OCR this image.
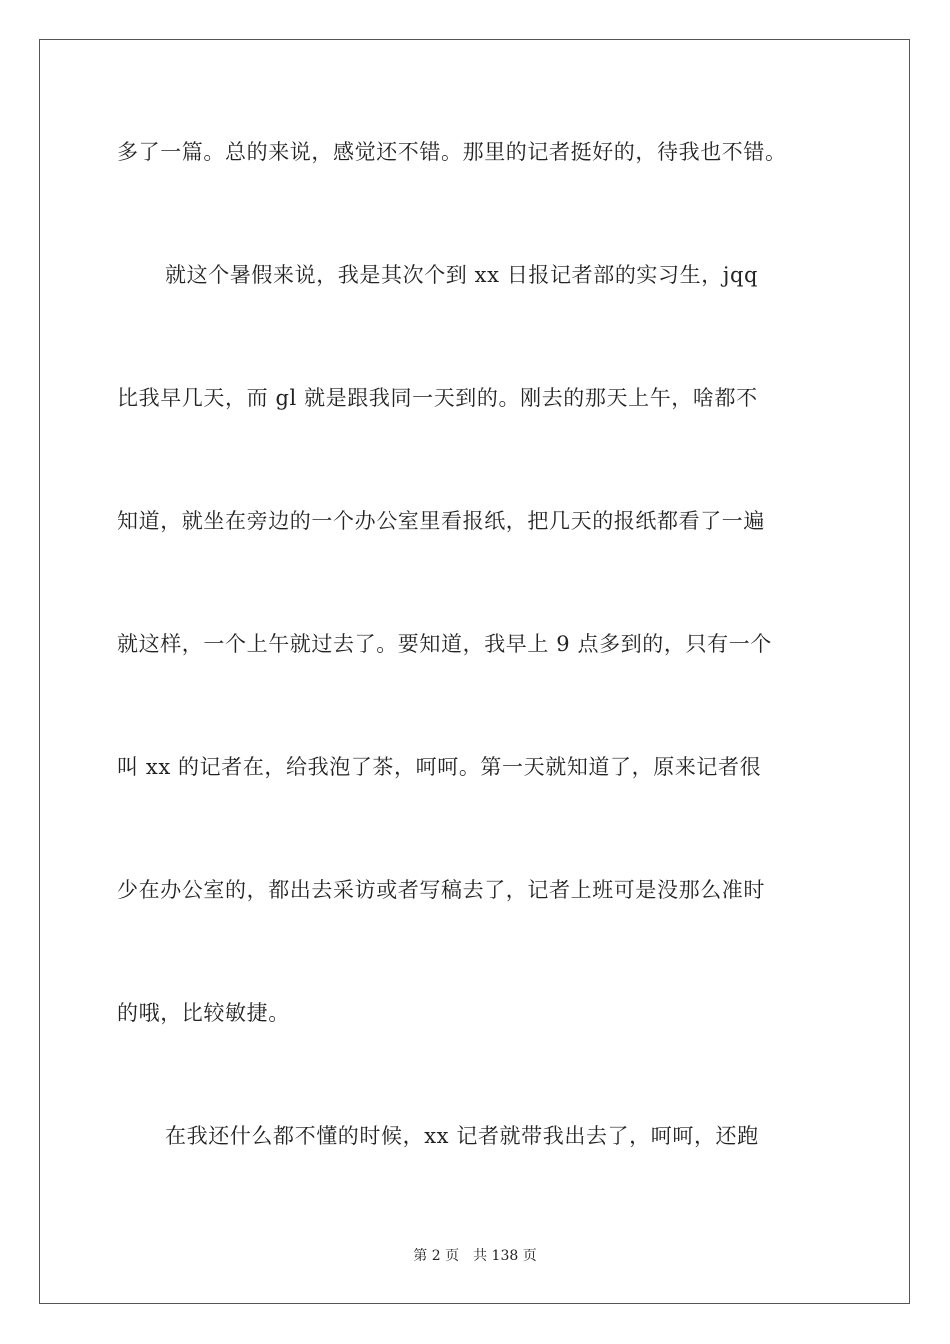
多了一篇。总的来说，感觉还不错。那里的记者挺好的，待我也不错。
就这个暑假来说，我是其次个到 xx 日报记者部的实习生，jqq
比我早几天，而 gl 就是跟我同一天到的。刚去的那天上午，啥都不
知道，就坐在旁边的一个办公室里看报纸，把几天的报纸都看了一遍
就这样，一个上午就过去了。要知道，我早上 9 点多到的，只有一个
叫 xx 的记者在，给我泡了茶，呵呵。第一天就知道了，原来记者很
少在办公室的，都出去采访或者写稿去了，记者上班可是没那么准时
的哦，比较敏捷。
在我还什么都不懂的时候，xx 记者就带我出去了，呵呵，还跑
第 2 页 共 138 页
